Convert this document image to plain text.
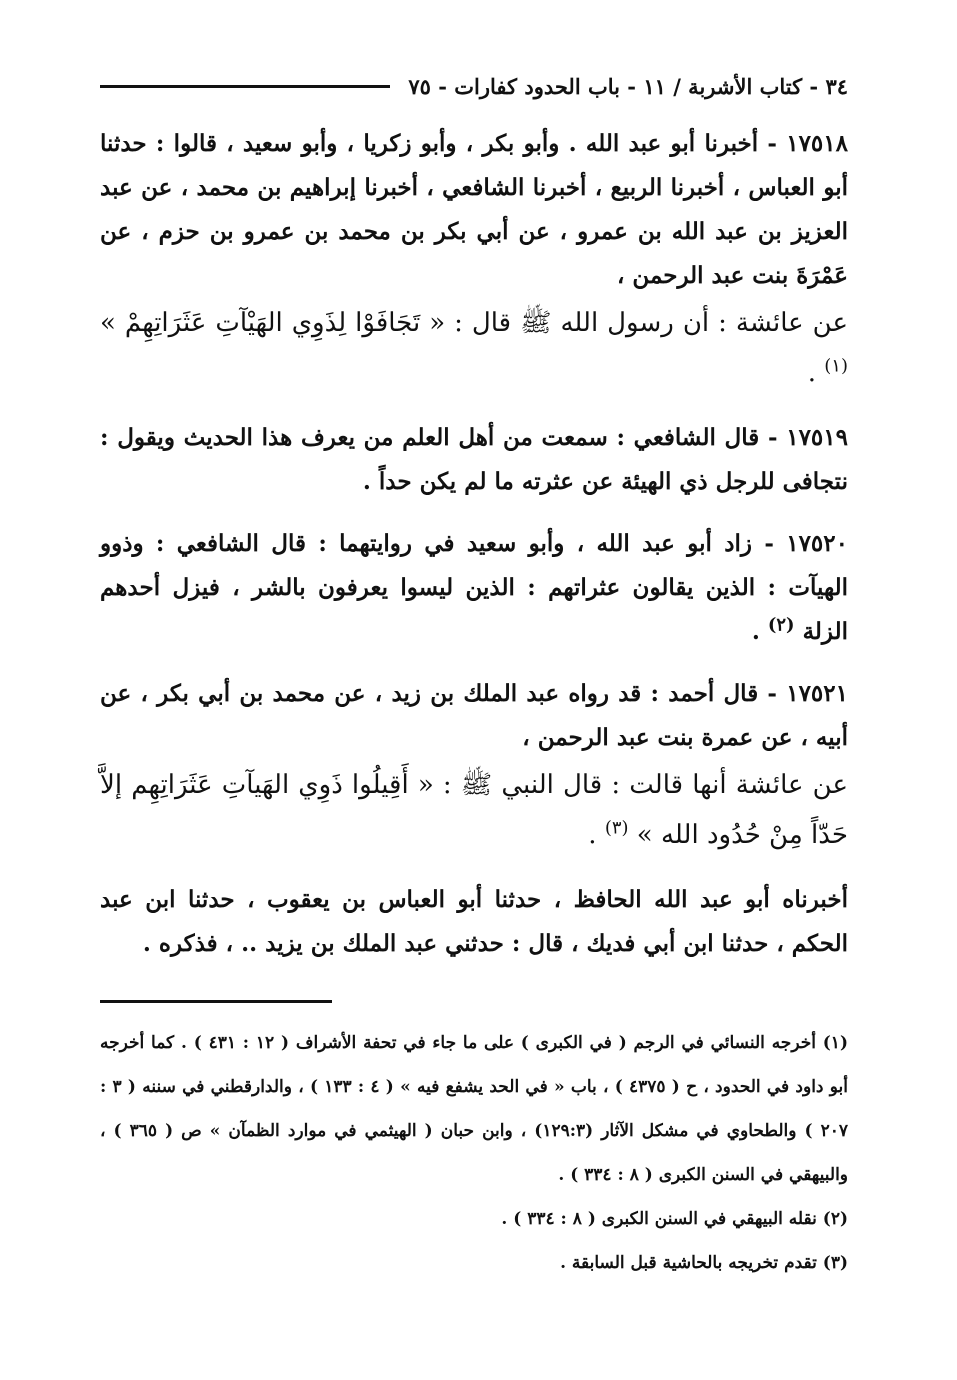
٣٤ - كتاب الأشربة / ١١ - باب الحدود كفارات - ٧٥

١٧٥١٨ - أخبرنا أبو عبد الله . وأبو بكر ، وأبو زكريا ، وأبو سعيد ، قالوا : حدثنا أبو العباس ، أخبرنا الربيع ، أخبرنا الشافعي ، أخبرنا إبراهيم بن محمد ، عن عبد العزيز بن عبد الله بن عمرو ، عن أبي بكر بن محمد بن عمرو بن حزم ، عن عَمْرَةَ بنت عبد الرحمن ،

عن عائشة : أن رسول الله ﷺ قال : « تَجَافَوْا لِذَوِي الهَيْآتِ عَثَرَاتِهِمْ » $^{(١)}$ .

١٧٥١٩ - قال الشافعي : سمعت من أهل العلم من يعرف هذا الحديث ويقول : نتجافى للرجل ذي الهيئة عن عثرته ما لم يكن حداً .

١٧٥٢٠ - زاد أبو عبد الله ، وأبو سعيد في روايتهما : قال الشافعي : وذوو الهيآت : الذين يقالون عثراتهم : الذين ليسوا يعرفون بالشر ، فيزل أحدهم الزلة $^{(٢)}$ .

١٧٥٢١ - قال أحمد : قد رواه عبد الملك بن زيد ، عن محمد بن أبي بكر ، عن أبيه ، عن عمرة بنت عبد الرحمن ،

عن عائشة أنها قالت : قال النبي ﷺ : « أَقِيلُوا ذَوِي الهَيآتِ عَثَرَاتِهِم إلاَّ حَدّاً مِنْ حُدُود الله » $^{(٣)}$ .

أخبرناه أبو عبد الله الحافظ ، حدثنا أبو العباس بن يعقوب ، حدثنا ابن عبد الحكم ، حدثنا ابن أبي فديك ، قال : حدثني عبد الملك بن يزيد .. ، فذكره .

(١) أخرجه النسائي في الرجم ( في الكبرى ) على ما جاء في تحفة الأشراف ( ١٢ : ٤٣١ ) . كما أخرجه أبو داود في الحدود ، ح ( ٤٣٧٥ ) ، باب « في الحد يشفع فيه » ( ٤ : ١٣٣ ) ، والدارقطني في سننه ( ٣ : ٢٠٧ ) والطحاوي في مشكل الآثار (١٢٩:٣) ، وابن حبان ( الهيثمي في موارد الظمآن » ص ( ٣٦٥ ) ، والبيهقي في السنن الكبرى ( ٨ : ٣٣٤ ) .

(٢) نقله البيهقي في السنن الكبرى ( ٨ : ٣٣٤ ) .

(٣) تقدم تخريجه بالحاشية قبل السابقة .
